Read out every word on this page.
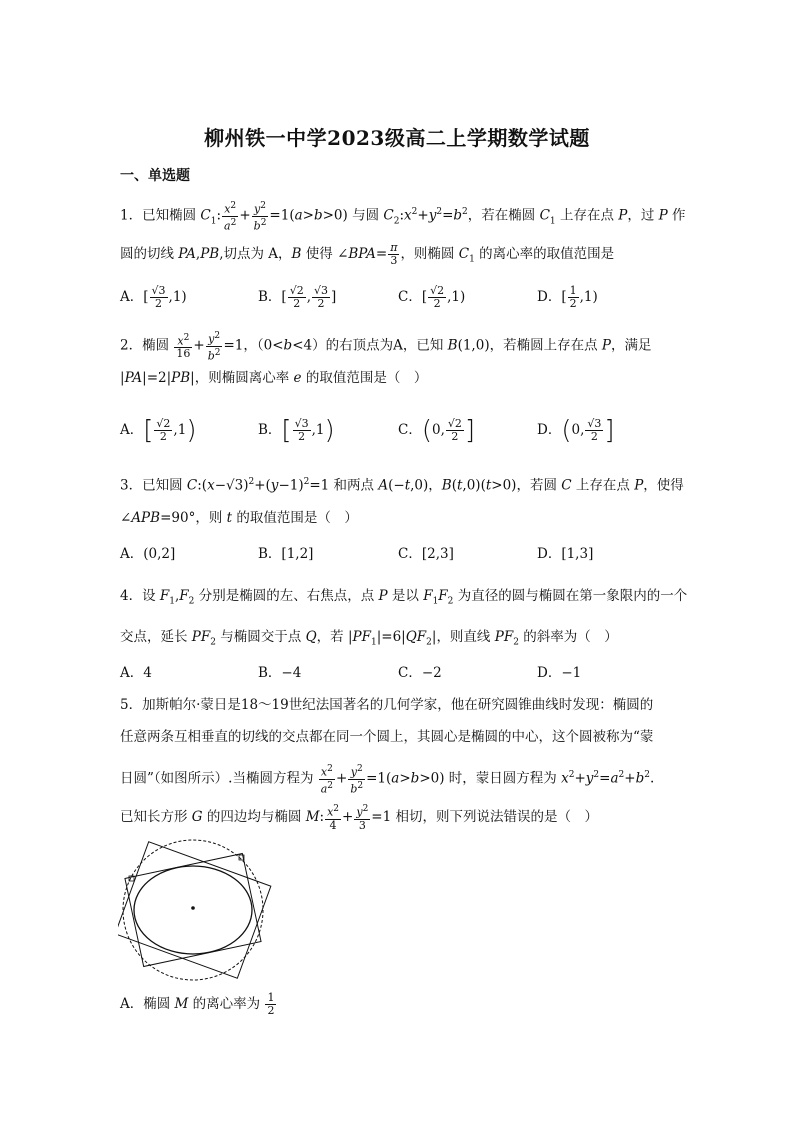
柳州铁一中学2023级高二上学期数学试题
一、单选题
1．已知椭圆 $C_1$: $\frac{x^2}{a^2} + \frac{y^2}{b^2} =1(a>b>0)$ 与圆 $C_2:x^2+y^2=b^2$，若在椭圆 $C_1$ 上存在点 P，过 P 作
圆的切线 PA,PB,切点为 A，B 使得 ∠BPA= $\frac{\pi}{3}$ ，则椭圆 $C_1$ 的离心率的取值范围是
A．[ $\frac{√3}{2} ,1$)	B．[ $\frac{√2}{2}$ , $\frac{√3}{2}$ ]	C．[ $\frac{√2}{2} ,1$)	D．[ $\frac{1}{2} ,1$)
2．椭圆 $\frac{x^2}{16} + \frac{y^2}{b^2} =1$，（0<b<4）的右顶点为A，已知 B(1,0)，若椭圆上存在点 P，满足
|PA|=2|PB|，则椭圆离心率 e 的取值范围是（　）
A．[ $\frac{√2}{2} ,1$)	B．[ $\frac{√3}{2} ,1$)	C．(0, $\frac{√2}{2}$ ]	D．(0, $\frac{√3}{2}$ ]
3．已知圆 $C:(x-√3)^2+(y-1)^2=1$ 和两点 A(−t,0)，B(t,0)(t>0)，若圆 C 上存在点 P，使得
∠APB=90°，则 t 的取值范围是（　）
A．(0,2]	B．[1,2]	C．[2,3]	D．[1,3]
4．设 $F_1,F_2$ 分别是椭圆的左、右焦点，点 P 是以 $F_1F_2$ 为直径的圆与椭圆在第一象限内的一个
交点，延长 $PF_2$ 与椭圆交于点 Q，若 $|PF_1|=6|QF_2|$，则直线 $PF_2$ 的斜率为（　）
A．4	B．−4	C．−2	D．−1
5．加斯帕尔·蒙日是18～19世纪法国著名的几何学家，他在研究圆锥曲线时发现：椭圆的
任意两条互相垂直的切线的交点都在同一个圆上，其圆心是椭圆的中心，这个圆被称为“蒙
日圆”（如图所示）.当椭圆方程为 $\frac{x^2}{a^2} + \frac{y^2}{b^2} =1(a>b>0)$ 时，蒙日圆方程为 $x^2+y^2=a^2+b^2$.
已知长方形 G 的四边均与椭圆 M: $\frac{x^2}{4} + \frac{y^2}{3} =1$ 相切，则下列说法错误的是（　）
A．椭圆 M 的离心率为 $\frac{1}{2}$
